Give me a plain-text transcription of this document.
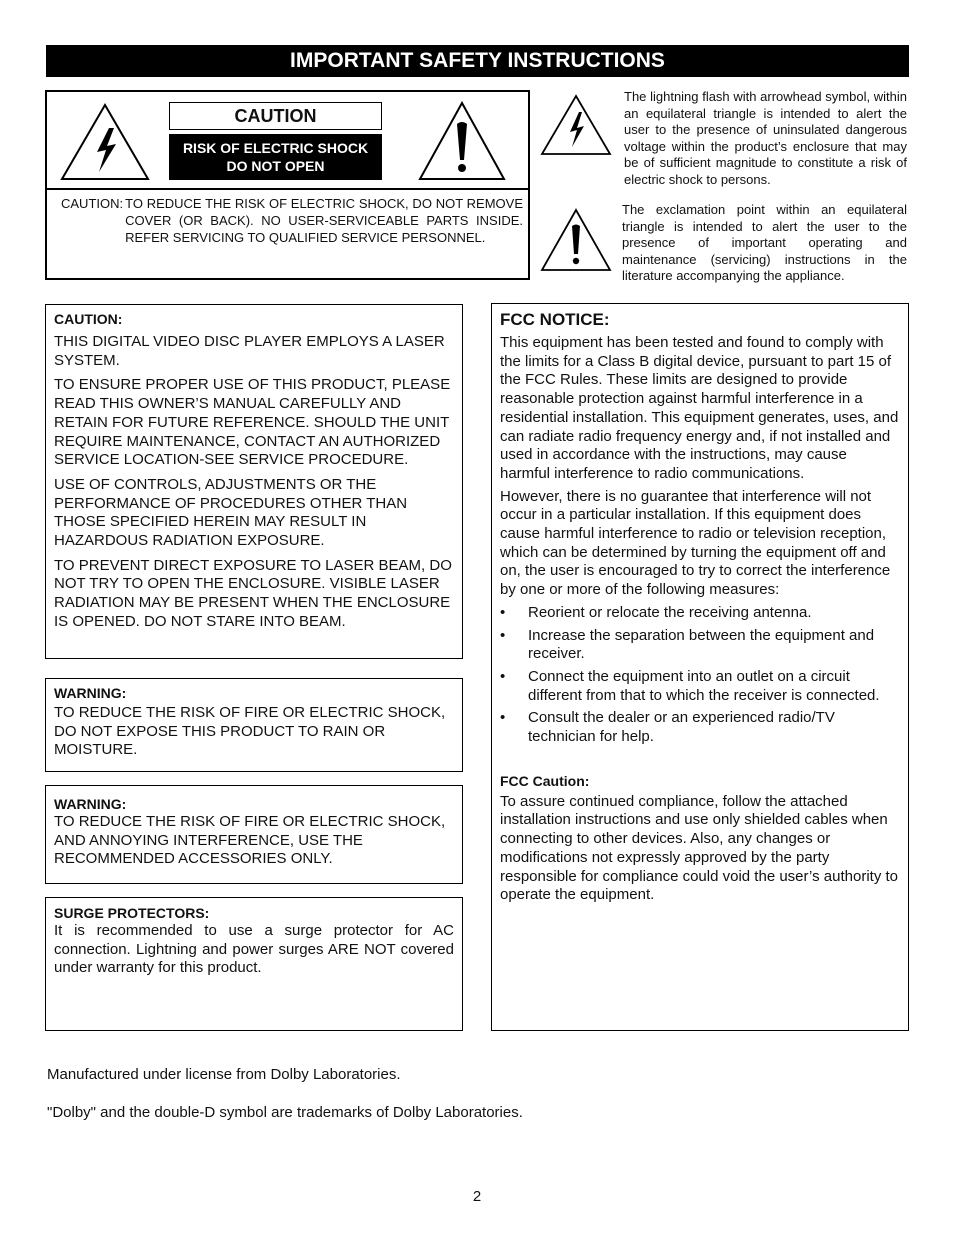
IMPORTANT SAFETY INSTRUCTIONS
CAUTION
RISK OF ELECTRIC SHOCK
DO NOT OPEN
CAUTION: TO REDUCE THE RISK OF ELECTRIC SHOCK, DO NOT REMOVE COVER (OR BACK). NO USER-SERVICEABLE PARTS INSIDE. REFER SERVICING TO QUALIFIED SERVICE PERSONNEL.
The lightning flash with arrowhead symbol, within an equilateral triangle is intended to alert the user to the presence of uninsulated dangerous voltage within the product’s enclosure that may be of sufficient magnitude to constitute a risk of electric shock to persons.
The exclamation point within an equilateral triangle is intended to alert the user to the presence of important operating and maintenance (servicing) instructions in the literature accompanying the appliance.
CAUTION:

THIS DIGITAL VIDEO DISC PLAYER EMPLOYS A LASER SYSTEM.

TO ENSURE PROPER USE OF THIS PRODUCT, PLEASE READ THIS OWNER’S MANUAL CAREFULLY AND RETAIN FOR FUTURE REFERENCE. SHOULD THE UNIT REQUIRE MAINTENANCE, CONTACT AN AUTHORIZED SERVICE LOCATION-SEE SERVICE PROCEDURE.

USE OF CONTROLS, ADJUSTMENTS OR THE PERFORMANCE OF PROCEDURES OTHER THAN THOSE SPECIFIED HEREIN MAY RESULT IN HAZARDOUS RADIATION EXPOSURE.

TO PREVENT DIRECT EXPOSURE TO LASER BEAM, DO NOT TRY TO OPEN THE ENCLOSURE. VISIBLE LASER RADIATION MAY BE PRESENT WHEN THE ENCLOSURE IS OPENED. DO NOT STARE INTO BEAM.

WARNING:

TO REDUCE THE RISK OF FIRE OR ELECTRIC SHOCK, DO NOT EXPOSE THIS PRODUCT TO RAIN OR MOISTURE.

WARNING:

TO REDUCE THE RISK OF FIRE OR ELECTRIC SHOCK, AND ANNOYING INTERFERENCE, USE THE RECOMMENDED ACCESSORIES ONLY.

SURGE PROTECTORS:

It is recommended to use a surge protector for AC connection. Lightning and power surges ARE NOT covered under warranty for this product.

FCC NOTICE:

This equipment has been tested and found to comply with the limits for a Class B digital device, pursuant to part 15 of the FCC Rules. These limits are designed to provide reasonable protection against harmful interference in a residential installation. This equipment generates, uses, and can radiate radio frequency energy and, if not installed and used in accordance with the instructions, may cause harmful interference to radio communications.

However, there is no guarantee that interference will not occur in a particular installation. If this equipment does cause harmful interference to radio or television reception, which can be determined by turning the equipment off and on, the user is encouraged to try to correct the interference by one or more of the following measures:

•	Reorient or relocate the receiving antenna.
•	Increase the separation between the equipment and receiver.
•	Connect the equipment into an outlet on a circuit different from that to which the receiver is connected.
•	Consult the dealer or an experienced radio/TV technician for help.
FCC Caution:

To assure continued compliance, follow the attached installation instructions and use only shielded cables when connecting to other devices. Also, any changes or modifications not expressly approved by the party responsible for compliance could void the user’s authority to operate the equipment.

Manufactured under license from Dolby Laboratories.
"Dolby" and the double-D symbol are trademarks of Dolby Laboratories.
2
